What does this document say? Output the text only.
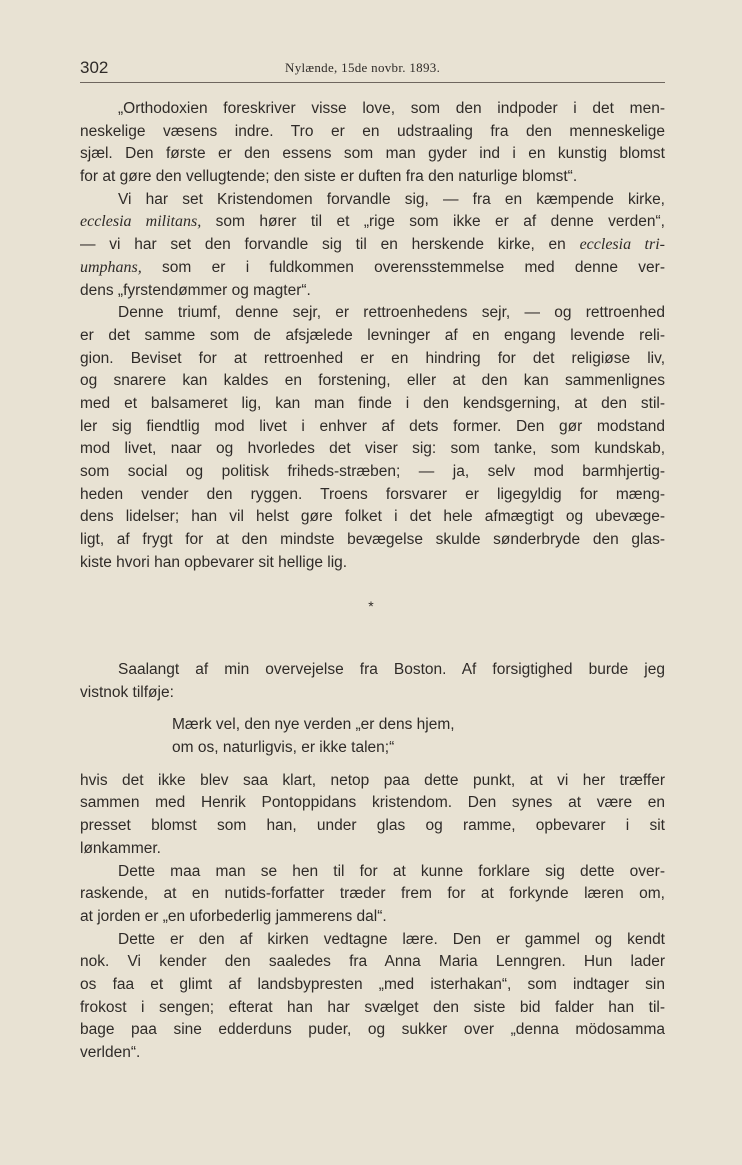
302	Nylænde, 15de novbr. 1893.
„Orthodoxien foreskriver visse love, som den indpoder i det men-
neskelige væsens indre. Tro er en udstraaling fra den menneskelige
sjæl. Den første er den essens som man gyder ind i en kunstig blomst
for at gøre den vellugtende; den siste er duften fra den naturlige blomst“.
Vi har set Kristendomen forvandle sig, — fra en kæmpende kirke,
ecclesia militans, som hører til et „rige som ikke er af denne verden“,
— vi har set den forvandle sig til en herskende kirke, en ecclesia tri-
umphans, som er i fuldkommen overensstemmelse med denne ver-
dens „fyrstendømmer og magter“.
Denne triumf, denne sejr, er rettroenhedens sejr, — og rettroenhed
er det samme som de afsjælede levninger af en engang levende reli-
gion. Beviset for at rettroenhed er en hindring for det religiøse liv,
og snarere kan kaldes en forstening, eller at den kan sammenlignes
med et balsameret lig, kan man finde i den kendsgerning, at den stil-
ler sig fiendtlig mod livet i enhver af dets former. Den gør modstand
mod livet, naar og hvorledes det viser sig: som tanke, som kundskab,
som social og politisk friheds-stræben; — ja, selv mod barmhjertig-
heden vender den ryggen. Troens forsvarer er ligegyldig for mæng-
dens lidelser; han vil helst gøre folket i det hele afmægtigt og ubevæge-
ligt, af frygt for at den mindste bevægelse skulde sønderbryde den glas-
kiste hvori han opbevarer sit hellige lig.
*
Saalangt af min overvejelse fra Boston. Af forsigtighed burde jeg
vistnok tilføje:
Mærk vel, den nye verden „er dens hjem,
om os, naturligvis, er ikke talen;“
hvis det ikke blev saa klart, netop paa dette punkt, at vi her træffer
sammen med Henrik Pontoppidans kristendom. Den synes at være en
presset blomst som han, under glas og ramme, opbevarer i sit
lønkammer.
Dette maa man se hen til for at kunne forklare sig dette over-
raskende, at en nutids-forfatter træder frem for at forkynde læren om,
at jorden er „en uforbederlig jammerens dal“.
Dette er den af kirken vedtagne lære. Den er gammel og kendt
nok. Vi kender den saaledes fra Anna Maria Lenngren. Hun lader
os faa et glimt af landsbypresten „med isterhakan“, som indtager sin
frokost i sengen; efterat han har svælget den siste bid falder han til-
bage paa sine edderduns puder, og sukker over „denna mödosamma
verlden“.
